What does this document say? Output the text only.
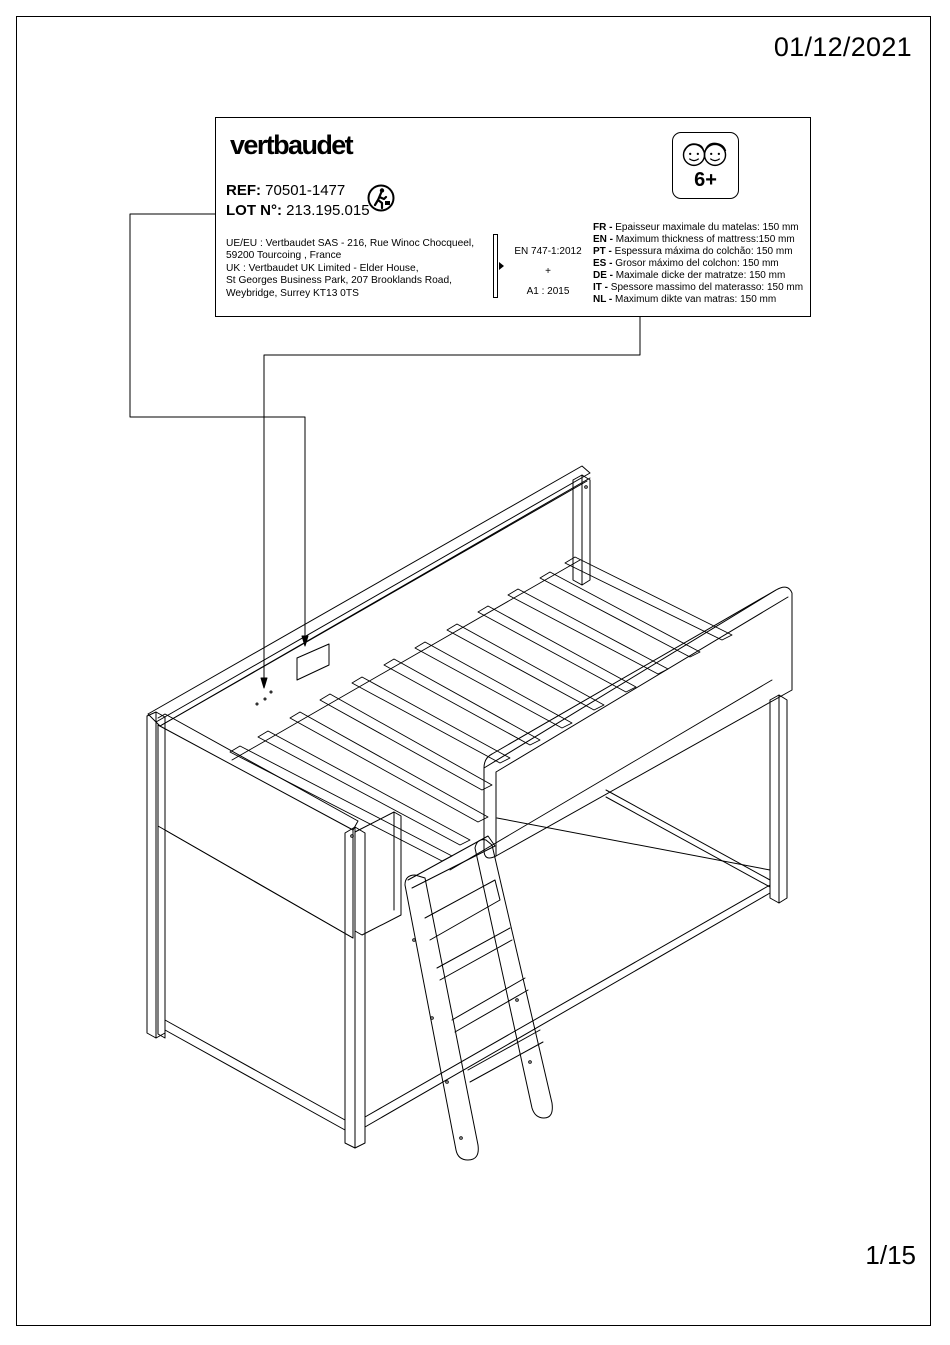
01/12/2021
vertbaudet
REF: 70501-1477
LOT N°: 213.195.015
UE/EU : Vertbaudet SAS - 216, Rue Winoc Chocqueel,
59200 Tourcoing , France
UK : Vertbaudet UK Limited - Elder House,
St Georges Business Park, 207 Brooklands Road,
Weybridge, Surrey KT13 0TS
EN 747-1:2012
+
A1 : 2015
6+
FR - Epaisseur maximale du matelas: 150 mm
EN - Maximum thickness of mattress:150 mm
PT - Espessura máxima do colchão: 150 mm
ES - Grosor máximo del colchon: 150 mm
DE - Maximale dicke der matratze: 150 mm
IT - Spessore massimo del materasso: 150 mm
NL - Maximum dikte van matras: 150 mm
1/15
